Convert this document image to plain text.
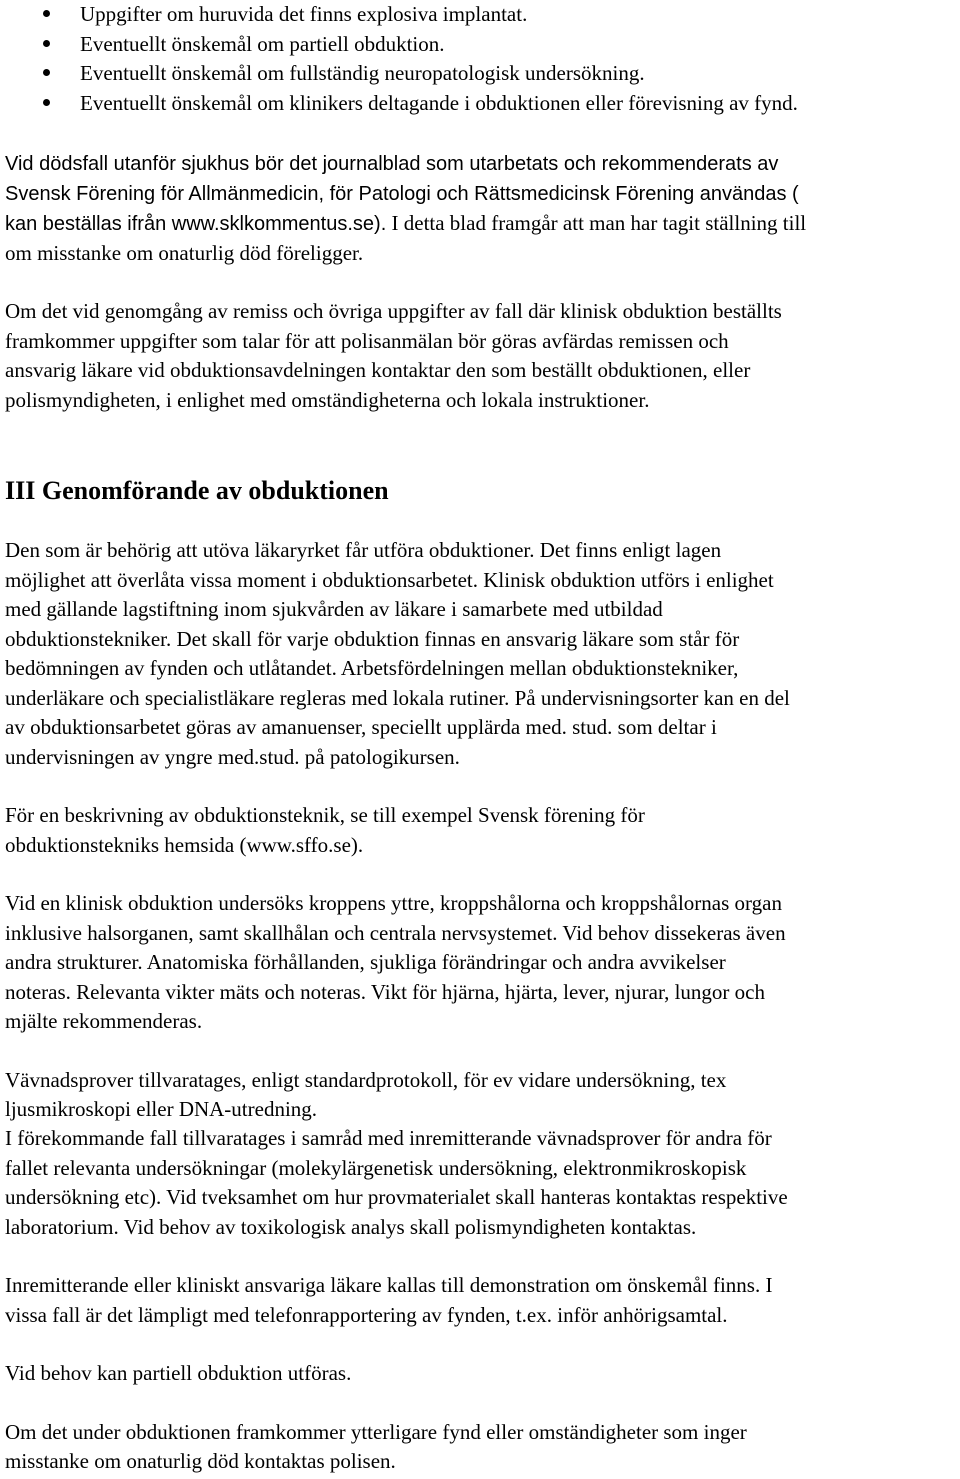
Uppgifter om huruvida det finns explosiva implantat.

Eventuellt önskemål om partiell obduktion.

Eventuellt önskemål om fullständig neuropatologisk undersökning.

Eventuellt önskemål om klinikers deltagande i obduktionen eller förevisning av fynd.

Vid dödsfall utanför sjukhus bör det journalblad som utarbetats och rekommenderats av

Svensk Förening för Allmänmedicin, för Patologi och Rättsmedicinsk Förening användas (

kan beställas ifrån www.sklkommentus.se). I detta blad framgår att man har tagit ställning till

om misstanke om onaturlig död föreligger.

Om det vid genomgång av remiss och övriga uppgifter av fall där klinisk obduktion beställts

framkommer uppgifter som talar för att polisanmälan bör göras avfärdas remissen och

ansvarig läkare vid obduktionsavdelningen kontaktar den som beställt obduktionen, eller

polismyndigheten, i enlighet med omständigheterna och lokala instruktioner.

III Genomförande av obduktionen

Den som är behörig att utöva läkaryrket får utföra obduktioner. Det finns enligt lagen

möjlighet att överlåta vissa moment i obduktionsarbetet. Klinisk obduktion utförs i enlighet

med gällande lagstiftning inom sjukvården av läkare i samarbete med utbildad

obduktionstekniker. Det skall för varje obduktion finnas en ansvarig läkare som står för

bedömningen av fynden och utlåtandet. Arbetsfördelningen mellan obduktionstekniker,

underläkare och specialistläkare regleras med lokala rutiner. På undervisningsorter kan en del

av obduktionsarbetet göras av amanuenser, speciellt upplärda med. stud. som deltar i

undervisningen av yngre med.stud. på patologikursen.

För en beskrivning av obduktionsteknik, se till exempel Svensk förening för

obduktionstekniks hemsida (www.sffo.se).

Vid en klinisk obduktion undersöks kroppens yttre, kroppshålorna och kroppshålornas organ

inklusive halsorganen, samt skallhålan och centrala nervsystemet. Vid behov dissekeras även

andra strukturer. Anatomiska förhållanden, sjukliga förändringar och andra avvikelser

noteras. Relevanta vikter mäts och noteras. Vikt för hjärna, hjärta, lever, njurar, lungor och

mjälte rekommenderas.

Vävnadsprover tillvaratages, enligt standardprotokoll, för ev vidare undersökning, tex

ljusmikroskopi eller DNA-utredning.

I förekommande fall tillvaratages i samråd med inremitterande vävnadsprover för andra för

fallet relevanta undersökningar (molekylärgenetisk undersökning, elektronmikroskopisk

undersökning etc). Vid tveksamhet om hur provmaterialet skall hanteras kontaktas respektive

laboratorium. Vid behov av toxikologisk analys skall polismyndigheten kontaktas.

Inremitterande eller kliniskt ansvariga läkare kallas till demonstration om önskemål finns. I

vissa fall är det lämpligt med telefonrapportering av fynden, t.ex. inför anhörigsamtal.

Vid behov kan partiell obduktion utföras.

Om det under obduktionen framkommer ytterligare fynd eller omständigheter som inger

misstanke om onaturlig död kontaktas polisen.
